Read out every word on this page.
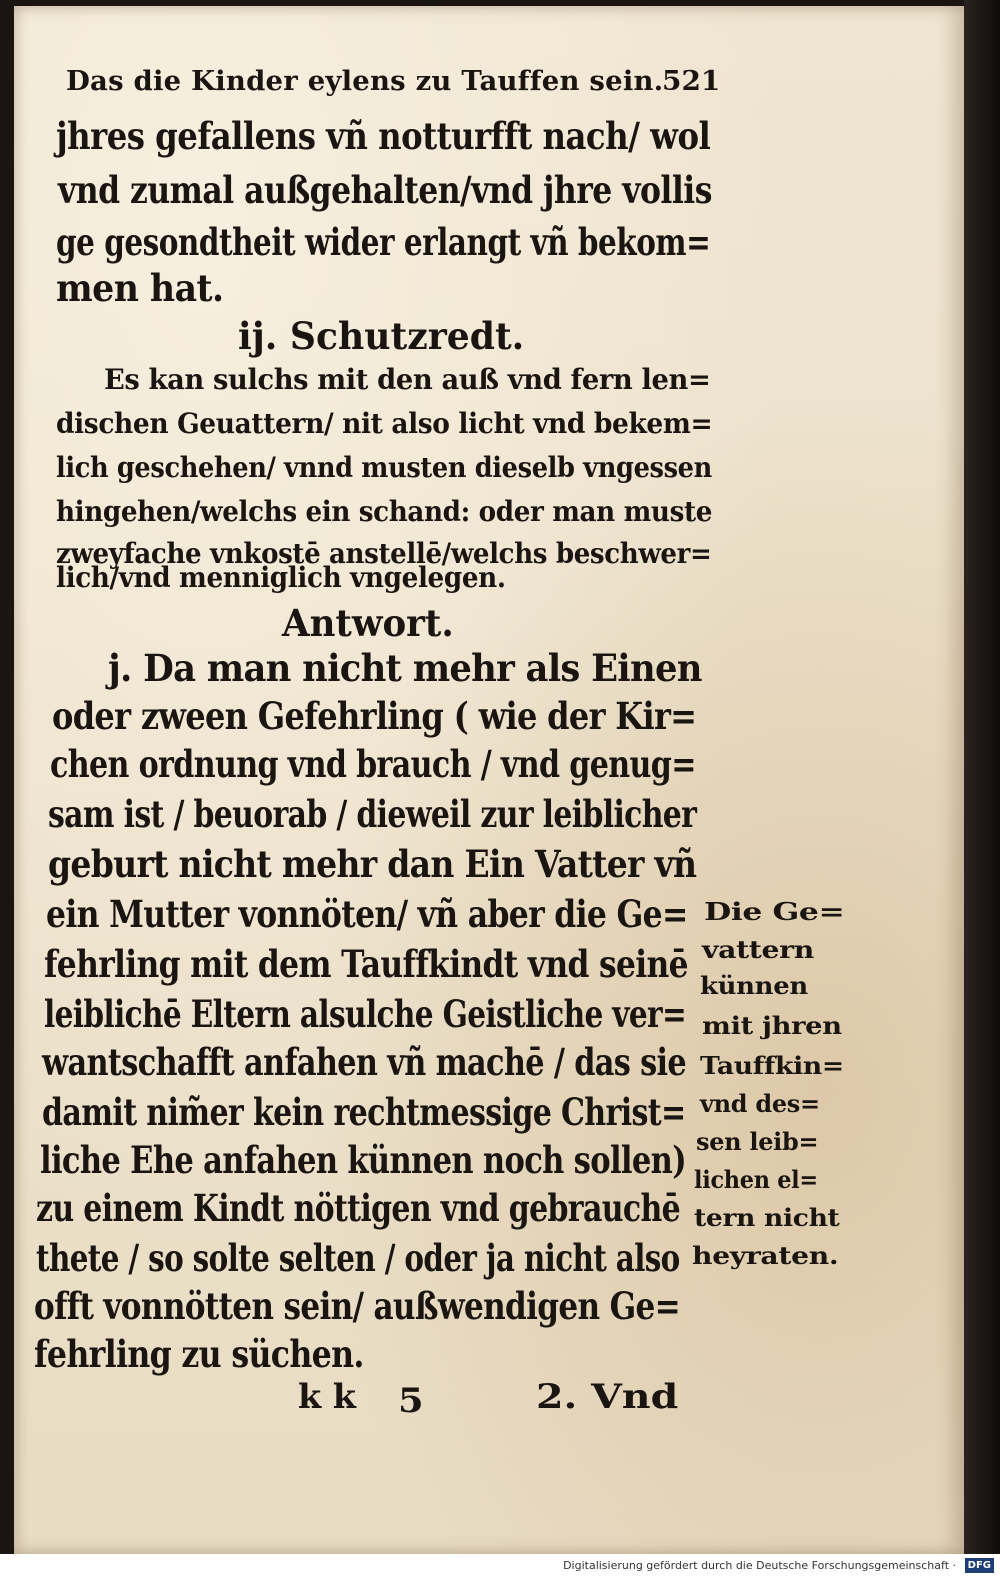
Das die Kinder eylens zu Tauffen sein.
521
jhres gefallens vñ notturfft nach/ wol
vnd zumal außgehalten/vnd jhre vollis
ge gesondtheit wider erlangt vñ bekom=
men hat.
ij. Schutzredt.
Es kan sulchs mit den auß vnd fern len=
dischen Geuattern/ nit also licht vnd bekem=
lich geschehen/ vnnd musten dieselb vngessen
hingehen/welchs ein schand: oder man muste
zweyfache vnkostē anstellē/welchs beschwer=
lich/vnd menniglich vngelegen.
Antwort.
j. Da man nicht mehr als Einen
oder zween Gefehrling ( wie der Kir=
chen ordnung vnd brauch / vnd genug=
sam ist / beuorab / dieweil zur leiblicher
geburt nicht mehr dan Ein Vatter vñ
ein Mutter vonnöten/ vñ aber die Ge=
fehrling mit dem Tauffkindt vnd seinē
leiblichē Eltern alsulche Geistliche ver=
wantschafft anfahen vñ machē / das sie
damit nim̃er kein rechtmessige Christ=
liche Ehe anfahen künnen noch sollen)
zu einem Kindt nöttigen vnd gebrauchē
thete / so solte selten / oder ja nicht also
offt vonnötten sein/ außwendigen Ge=
fehrling zu süchen.
Die Ge=
vattern
künnen
mit jhren
Tauffkin=
vnd des=
sen leib=
lichen el=
tern nicht
heyraten.
k k 5	2. Vnd
Digitalisierung gefördert durch die Deutsche Forschungsgemeinschaft ·	DFG
